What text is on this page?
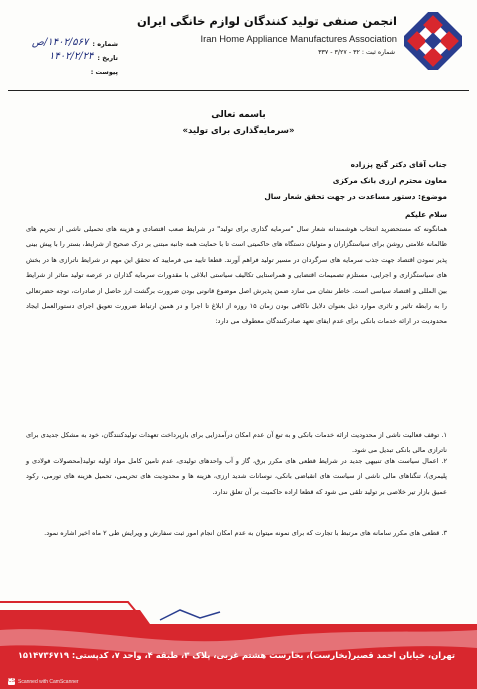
انجمن صنفی تولید کنندگان لوازم خانگی ایران
Iran Home Appliance Manufactures Association
شماره ثبت : ۳۲ - ۳/۲۷ - ۳۳۷
شماره :
۱۴۰۲/۵۶۷/ص
تاریخ :
۱۴۰۲/۲/۲۴
پیوست :
باسمه تعالی
«سرمایه‌گذاری برای تولید»
جناب آقای دکتر گنج پززاده
معاون محترم ارزی بانک مرکزی
موضوع: دستور مساعدت در جهت تحقق شعار سال
سلام علیکم
همانگونه که مستحضرید انتخاب هوشمندانه شعار سال "سرمایه گذاری برای تولید" در شرایط صعب اقتصادی و هزینه های تحمیلی ناشی از تحریم های ظالمانه علامتی روشن برای سیاستگزاران و متولیان دستگاه های حاکمیتی است تا با حمایت همه جانبه مبتنی بر درک صحیح از شرایط، بستر را با پیش بینی پذیر نمودن اقتصاد جهت جذب سرمایه های سرگردان در مسیر تولید فراهم آورند. قطعا تایید می فرمایید که تحقق این مهم در شرایط ناترازی ها در بخش های سیاستگزاری و اجرایی، مستلزم تصمیمات اقتضایی و همراستایی تکالیف سیاستی ابلاغی با مقدورات سرمایه گذاران در عرصه تولید متاثر از شرایط بین المللی و اقتصاد سیاسی است. خاطر نشان می سازد ضمن پذیرش اصل موضوع قانونی بودن ضرورت برگشت ارز حاصل از صادرات، توجه حضرتعالی را به رابطه تاثیر و تاثری موارد ذیل بعنوان دلایل ناکافی بودن زمان ۱۵ روزه از ابلاغ تا اجرا و در همین ارتباط ضرورت تعویق اجرای دستورالعمل ایجاد محدودیت در ارائه خدمات بانکی برای عدم ایفای تعهد صادرکنندگان معطوف می دارد:
۱. توقف فعالیت ناشی از محدودیت ارائه خدمات بانکی و به تبع آن عدم امکان درآمدزایی برای بازپرداخت تعهدات تولیدکنندگان، خود به مشکل جدیدی برای ناترازی مالی بانکی تبدیل می شود.
۲. اعمال سیاست های تنبیهی جدید در شرایط قطعی های مکرر برق، گاز و آب واحدهای تولیدی، عدم تامین کامل مواد اولیه تولید(محصولات فولادی و پلیمری)، تنگناهای مالی ناشی از سیاست های انقباضی بانکی، نوسانات شدید ارزی، هزینه ها و محدودیت های تحریمی، تحمیل هزینه های تورمی، رکود عمیق بازار تیر خلاصی بر تولید تلقی می شود که قطعا اراده حاکمیت بر آن تعلق ندارد.
۳. قطعی های مکرر سامانه های مرتبط با تجارت که برای نمونه میتوان به عدم امکان انجام امور ثبت سفارش و ویرایش طی ۲ ماه اخیر اشاره نمود.
تهران، خیابان احمد قصیر(بخارست)، بخارست هشتم غربی، پلاک ۳، طبقه ۴، واحد ۷، کدپستی: ۱۵۱۴۷۳۶۷۱۹
CS Scanned with CamScanner
